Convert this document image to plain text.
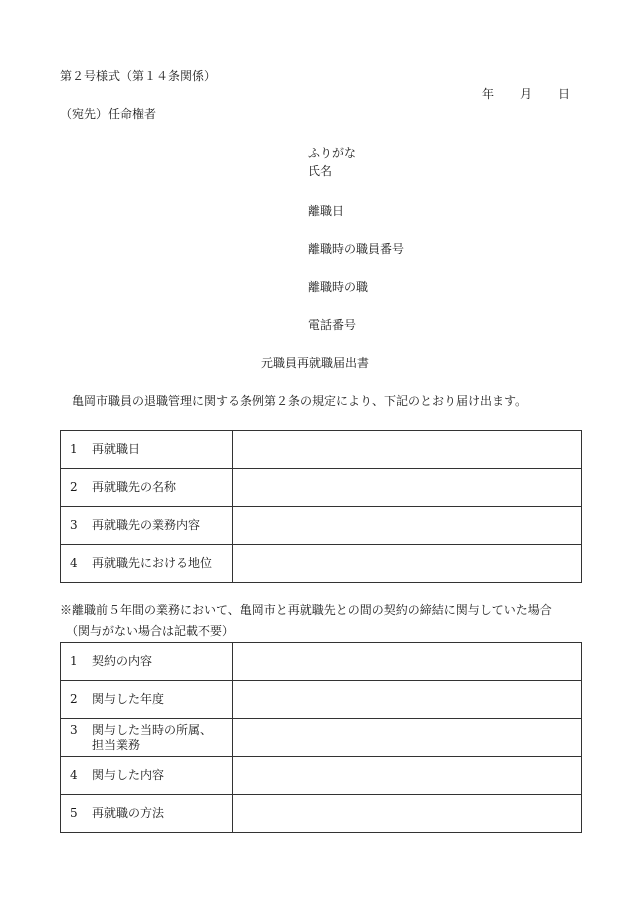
第２号様式（第１４条関係）
年 月 日
（宛先）任命権者
ふりがな
氏名
離職日
離職時の職員番号
離職時の職
電話番号
元職員再就職届出書
亀岡市職員の退職管理に関する条例第２条の規定により、下記のとおり届け出ます。
1 再就職日	
2 再就職先の名称	
3 再就職先の業務内容	
4 再就職先における地位	
※離職前５年間の業務において、亀岡市と再就職先との間の契約の締結に関与していた場合
（関与がない場合は記載不要）
1 契約の内容	
2 関与した年度	
3 関与した当時の所属、担当業務	
4 関与した内容	
5 再就職の方法	
